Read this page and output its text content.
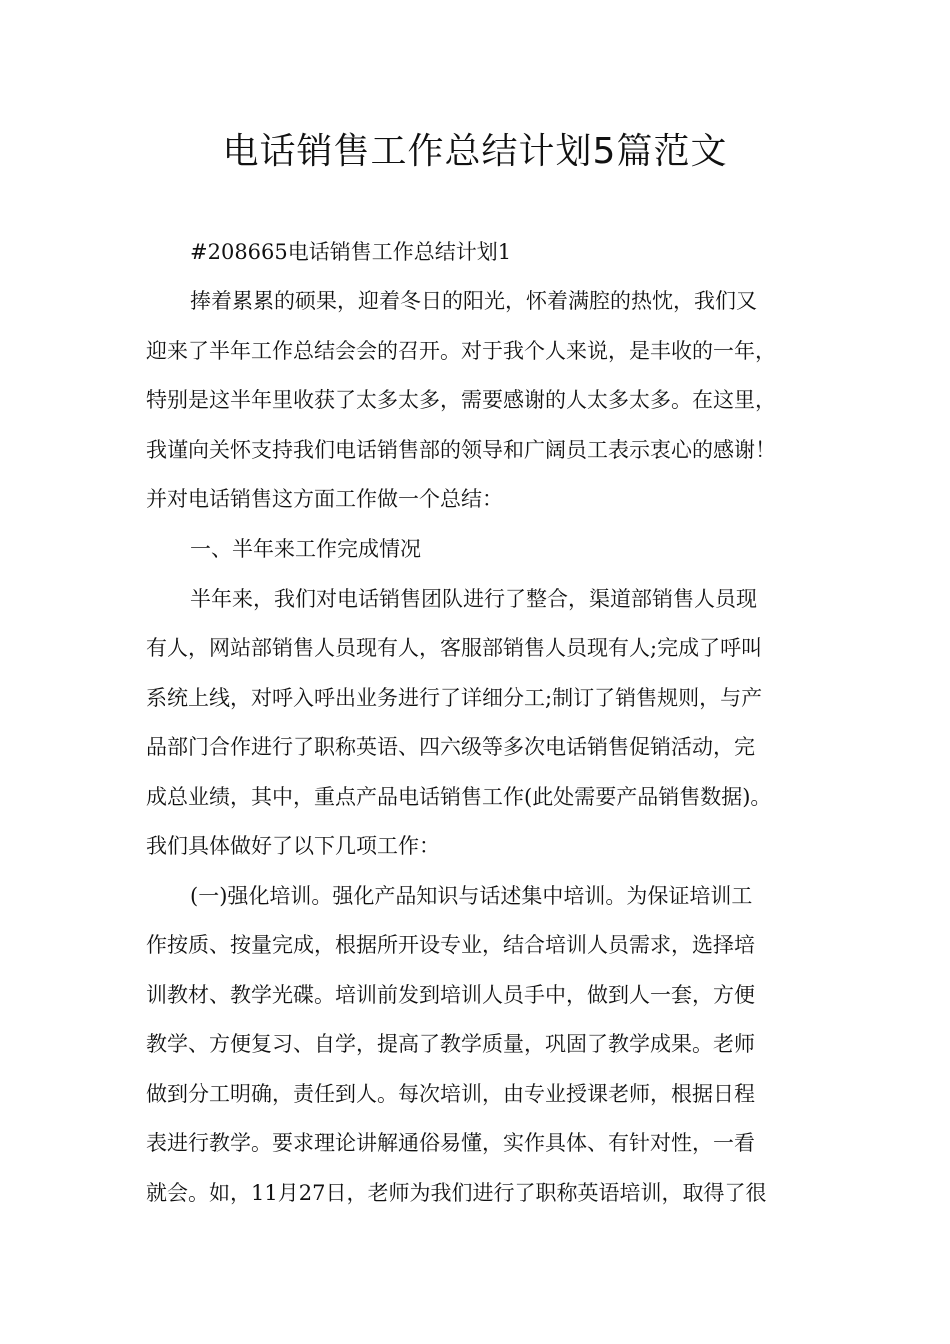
电话销售工作总结计划5篇范文

#208665电话销售工作总结计划1

捧着累累的硕果，迎着冬日的阳光，怀着满腔的热忱，我们又

迎来了半年工作总结会会的召开。对于我个人来说，是丰收的一年，

特别是这半年里收获了太多太多，需要感谢的人太多太多。在这里，

我谨向关怀支持我们电话销售部的领导和广阔员工表示衷心的感谢！

并对电话销售这方面工作做一个总结：

一、半年来工作完成情况

半年来，我们对电话销售团队进行了整合，渠道部销售人员现

有人，网站部销售人员现有人，客服部销售人员现有人;完成了呼叫

系统上线，对呼入呼出业务进行了详细分工;制订了销售规则，与产

品部门合作进行了职称英语、四六级等多次电话销售促销活动，完

成总业绩，其中，重点产品电话销售工作(此处需要产品销售数据)。

我们具体做好了以下几项工作：

(一)强化培训。强化产品知识与话述集中培训。为保证培训工

作按质、按量完成，根据所开设专业，结合培训人员需求，选择培

训教材、教学光碟。培训前发到培训人员手中，做到人一套，方便

教学、方便复习、自学，提高了教学质量，巩固了教学成果。老师

做到分工明确，责任到人。每次培训，由专业授课老师，根据日程

表进行教学。要求理论讲解通俗易懂，实作具体、有针对性，一看

就会。如，11月27日，老师为我们进行了职称英语培训，取得了很
